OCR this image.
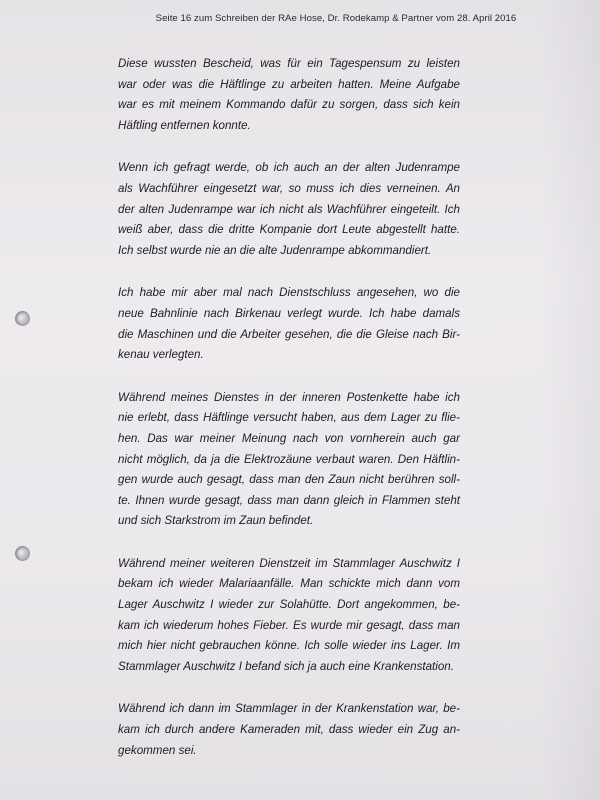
Seite 16 zum Schreiben der RAe Hose, Dr. Rodekamp & Partner vom 28. April 2016

Diese wussten Bescheid, was für ein Tagespensum zu leisten
war oder was die Häftlinge zu arbeiten hatten. Meine Aufgabe
war es mit meinem Kommando dafür zu sorgen, dass sich kein
Häftling entfernen konnte.

Wenn ich gefragt werde, ob ich auch an der alten Judenrampe
als Wachführer eingesetzt war, so muss ich dies verneinen. An
der alten Judenrampe war ich nicht als Wachführer eingeteilt. Ich
weiß aber, dass die dritte Kompanie dort Leute abgestellt hatte.
Ich selbst wurde nie an die alte Judenrampe abkommandiert.

Ich habe mir aber mal nach Dienstschluss angesehen, wo die
neue Bahnlinie nach Birkenau verlegt wurde. Ich habe damals
die Maschinen und die Arbeiter gesehen, die die Gleise nach Bir-
kenau verlegten.

Während meines Dienstes in der inneren Postenkette habe ich
nie erlebt, dass Häftlinge versucht haben, aus dem Lager zu flie-
hen. Das war meiner Meinung nach von vornherein auch gar
nicht möglich, da ja die Elektrozäune verbaut waren. Den Häftlin-
gen wurde auch gesagt, dass man den Zaun nicht berühren soll-
te. Ihnen wurde gesagt, dass man dann gleich in Flammen steht
und sich Starkstrom im Zaun befindet.

Während meiner weiteren Dienstzeit im Stammlager Auschwitz I
bekam ich wieder Malariaanfälle. Man schickte mich dann vom
Lager Auschwitz I wieder zur Solahütte. Dort angekommen, be-
kam ich wiederum hohes Fieber. Es wurde mir gesagt, dass man
mich hier nicht gebrauchen könne. Ich solle wieder ins Lager. Im
Stammlager Auschwitz I befand sich ja auch eine Krankenstation.

Während ich dann im Stammlager in der Krankenstation war, be-
kam ich durch andere Kameraden mit, dass wieder ein Zug an-
gekommen sei.
